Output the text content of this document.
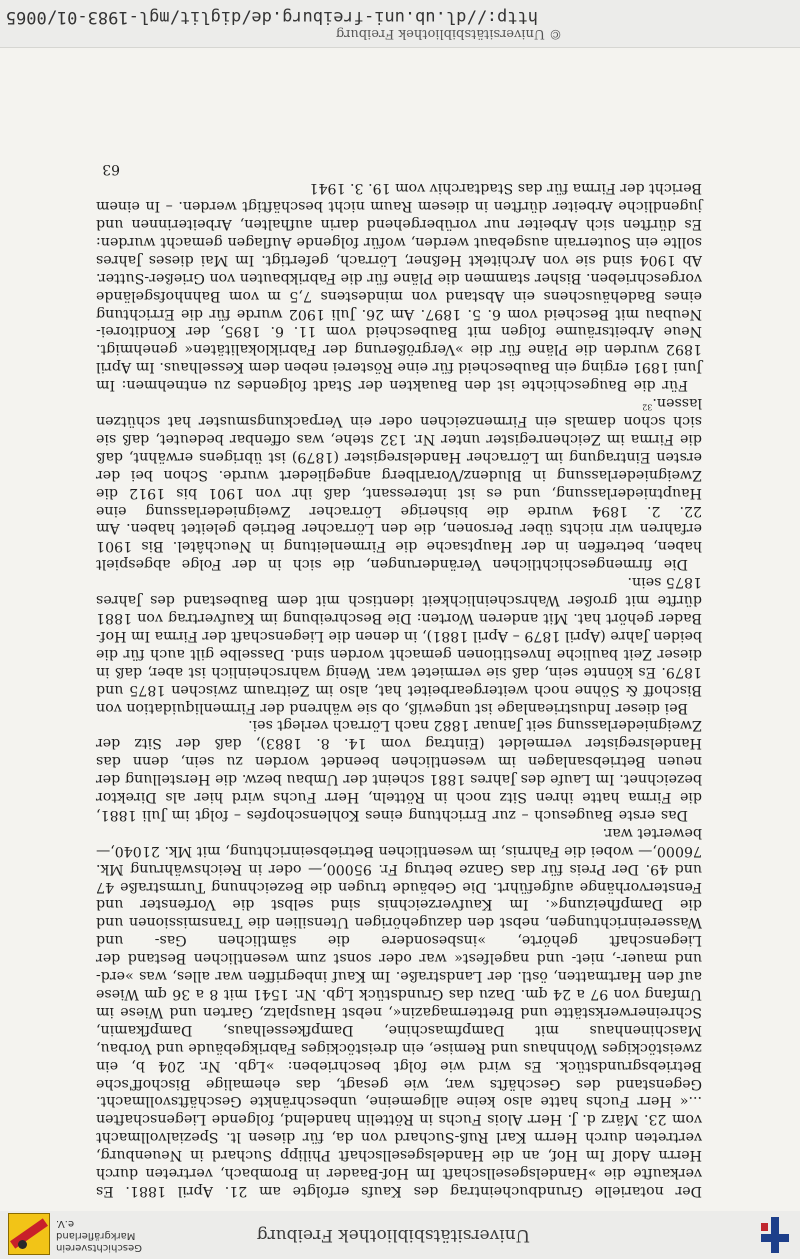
Universitätsbibliothek Freiburg
Geschichtsverein
Markgräflerland e.V.

Der notarielle Grundbucheintrag des Kaufs erfolgte am 21. April 1881. Es verkaufte die »Handelsgesellschaft Im Hof-Baader in Brombach, vertreten durch Herrn Adolf Im Hof, an die Handelsgesellschaft Philipp Suchard in Neuenburg, vertreten durch Herrn Karl Ruß-Suchard von da, für diesen lt. Spezialvollmacht vom 23. März d. J. Herr Alois Fuchs in Röttelin handelnd, folgende Liegenschaften ...« Herr Fuchs hatte also keine allgemeine, unbeschränkte Geschäftsvollmacht. Gegenstand des Geschäfts war, wie gesagt, das ehemalige Bischoff'sche Betriebsgrundstück. Es wird wie folgt beschrieben: »Lgb. Nr. 204 b, ein zweistöckiges Wohnhaus und Remise, ein dreistöckiges Fabrikgebäude und Vorbau, Maschinenhaus mit Dampfmaschine, Dampfkesselhaus, Dampfkamin, Schreinerwerkstätte und Brettermagazin«, nebst Hausplatz, Garten und Wiese im Umfang von 97 a 24 qm. Dazu das Grundstück Lgb. Nr. 1541 mit 8 a 36 qm Wiese auf den Hartmatten, östl. der Landstraße. Im Kauf inbegriffen war alles, was »erd- und mauer-, niet- und nagelfest« war oder sonst zum wesentlichen Bestand der Liegenschaft gehörte, »insbesondere die sämtlichen Gas- und Wassereinrichtungen, nebst den dazugehörigen Utensilien die Transmissionen und die Dampfheizung«. Im Kaufverzeichnis sind selbst die Vorfenster und Fenstervorhänge aufgeführt. Die Gebäude trugen die Bezeichnung Turmstraße 47 und 49. Der Preis für das Ganze betrug Fr. 95000,— oder in Reichswährung Mk. 76000,— wobei die Fahrnis, im wesentlichen Betriebseinrichtung, mit Mk. 21040,— bewertet war.

Das erste Baugesuch – zur Errichtung eines Kohlenschopfes – folgt im Juli 1881, die Firma hatte ihren Sitz noch in Rötteln, Herr Fuchs wird hier als Direktor bezeichnet. Im Laufe des Jahres 1881 scheint der Umbau bezw. die Herstellung der neuen Betriebsanlagen im wesentlichen beendet worden zu sein, denn das Handelsregister vermeldet (Eintrag vom 14. 8. 1883), daß der Sitz der Zweigniederlassung seit Januar 1882 nach Lörrach verlegt sei.

Bei dieser Industrieanlage ist ungewiß, ob sie während der Firmenliquidation von Bischoff & Söhne noch weitergearbeitet hat, also im Zeitraum zwischen 1875 und 1879. Es könnte sein, daß sie vermietet war. Wenig wahrscheinlich ist aber, daß in dieser Zeit bauliche Investitionen gemacht worden sind. Dasselbe gilt auch für die beiden Jahre (April 1879 – April 1881), in denen die Liegenschaft der Firma Im Hof-Bader gehört hat. Mit anderen Worten: Die Beschreibung im Kaufvertrag von 1881 dürfte mit großer Wahrscheinlichkeit identisch mit dem Baubestand des Jahres 1875 sein.

Die firmengeschichtlichen Veränderungen, die sich in der Folge abgespielt haben, betreffen in der Hauptsache die Firmenleitung in Neuchâtel. Bis 1901 erfahren wir nichts über Personen, die den Lörracher Betrieb geleitet haben. Am 22. 2. 1894 wurde die bisherige Lörracher Zweigniederlassung eine Hauptniederlassung, und es ist interessant, daß ihr von 1901 bis 1912 die Zweigniederlassung in Bludenz/Vorarlberg angegliedert wurde. Schon bei der ersten Eintragung im Lörracher Handelsregister (1879) ist übrigens erwähnt, daß die Firma im Zeichenregister unter Nr. 132 stehe, was offenbar bedeutet, daß sie sich schon damals ein Firmenzeichen oder ein Verpackungsmuster hat schützen lassen.$^{32}$

Für die Baugeschichte ist den Bauakten der Stadt folgendes zu entnehmen: Im Juni 1891 erging ein Baubescheid für eine Rösterei neben dem Kesselhaus. Im April 1892 wurden die Pläne für die »Vergrößerung der Fabriklokalitäten« genehmigt. Neue Arbeitsräume folgen mit Baubescheid vom 11. 6. 1895, der Konditorei-Neubau mit Bescheid vom 6. 5. 1897. Am 26. Juli 1902 wurde für die Errichtung eines Badehäuschens ein Abstand von mindestens 7,5 m vom Bahnhofsgelände vorgeschrieben. Bisher stammen die Pläne für die Fabrikbauten von Grießer-Sutter. Ab 1904 sind sie von Architekt Heßner, Lörrach, gefertigt. Im Mai dieses Jahres sollte ein Souterrain ausgebaut werden, wofür folgende Auflagen gemacht wurden: Es dürften sich Arbeiter nur vorübergehend darin aufhalten, Arbeiterinnen und jugendliche Arbeiter dürften in diesem Raum nicht beschäftigt werden. – In einem Bericht der Firma für das Stadtarchiv vom 19. 3. 1941

63
© Universitätsbibliothek Freiburg
http://dl.ub.uni-freiburg.de/diglit/mgl-1983-01/0065
